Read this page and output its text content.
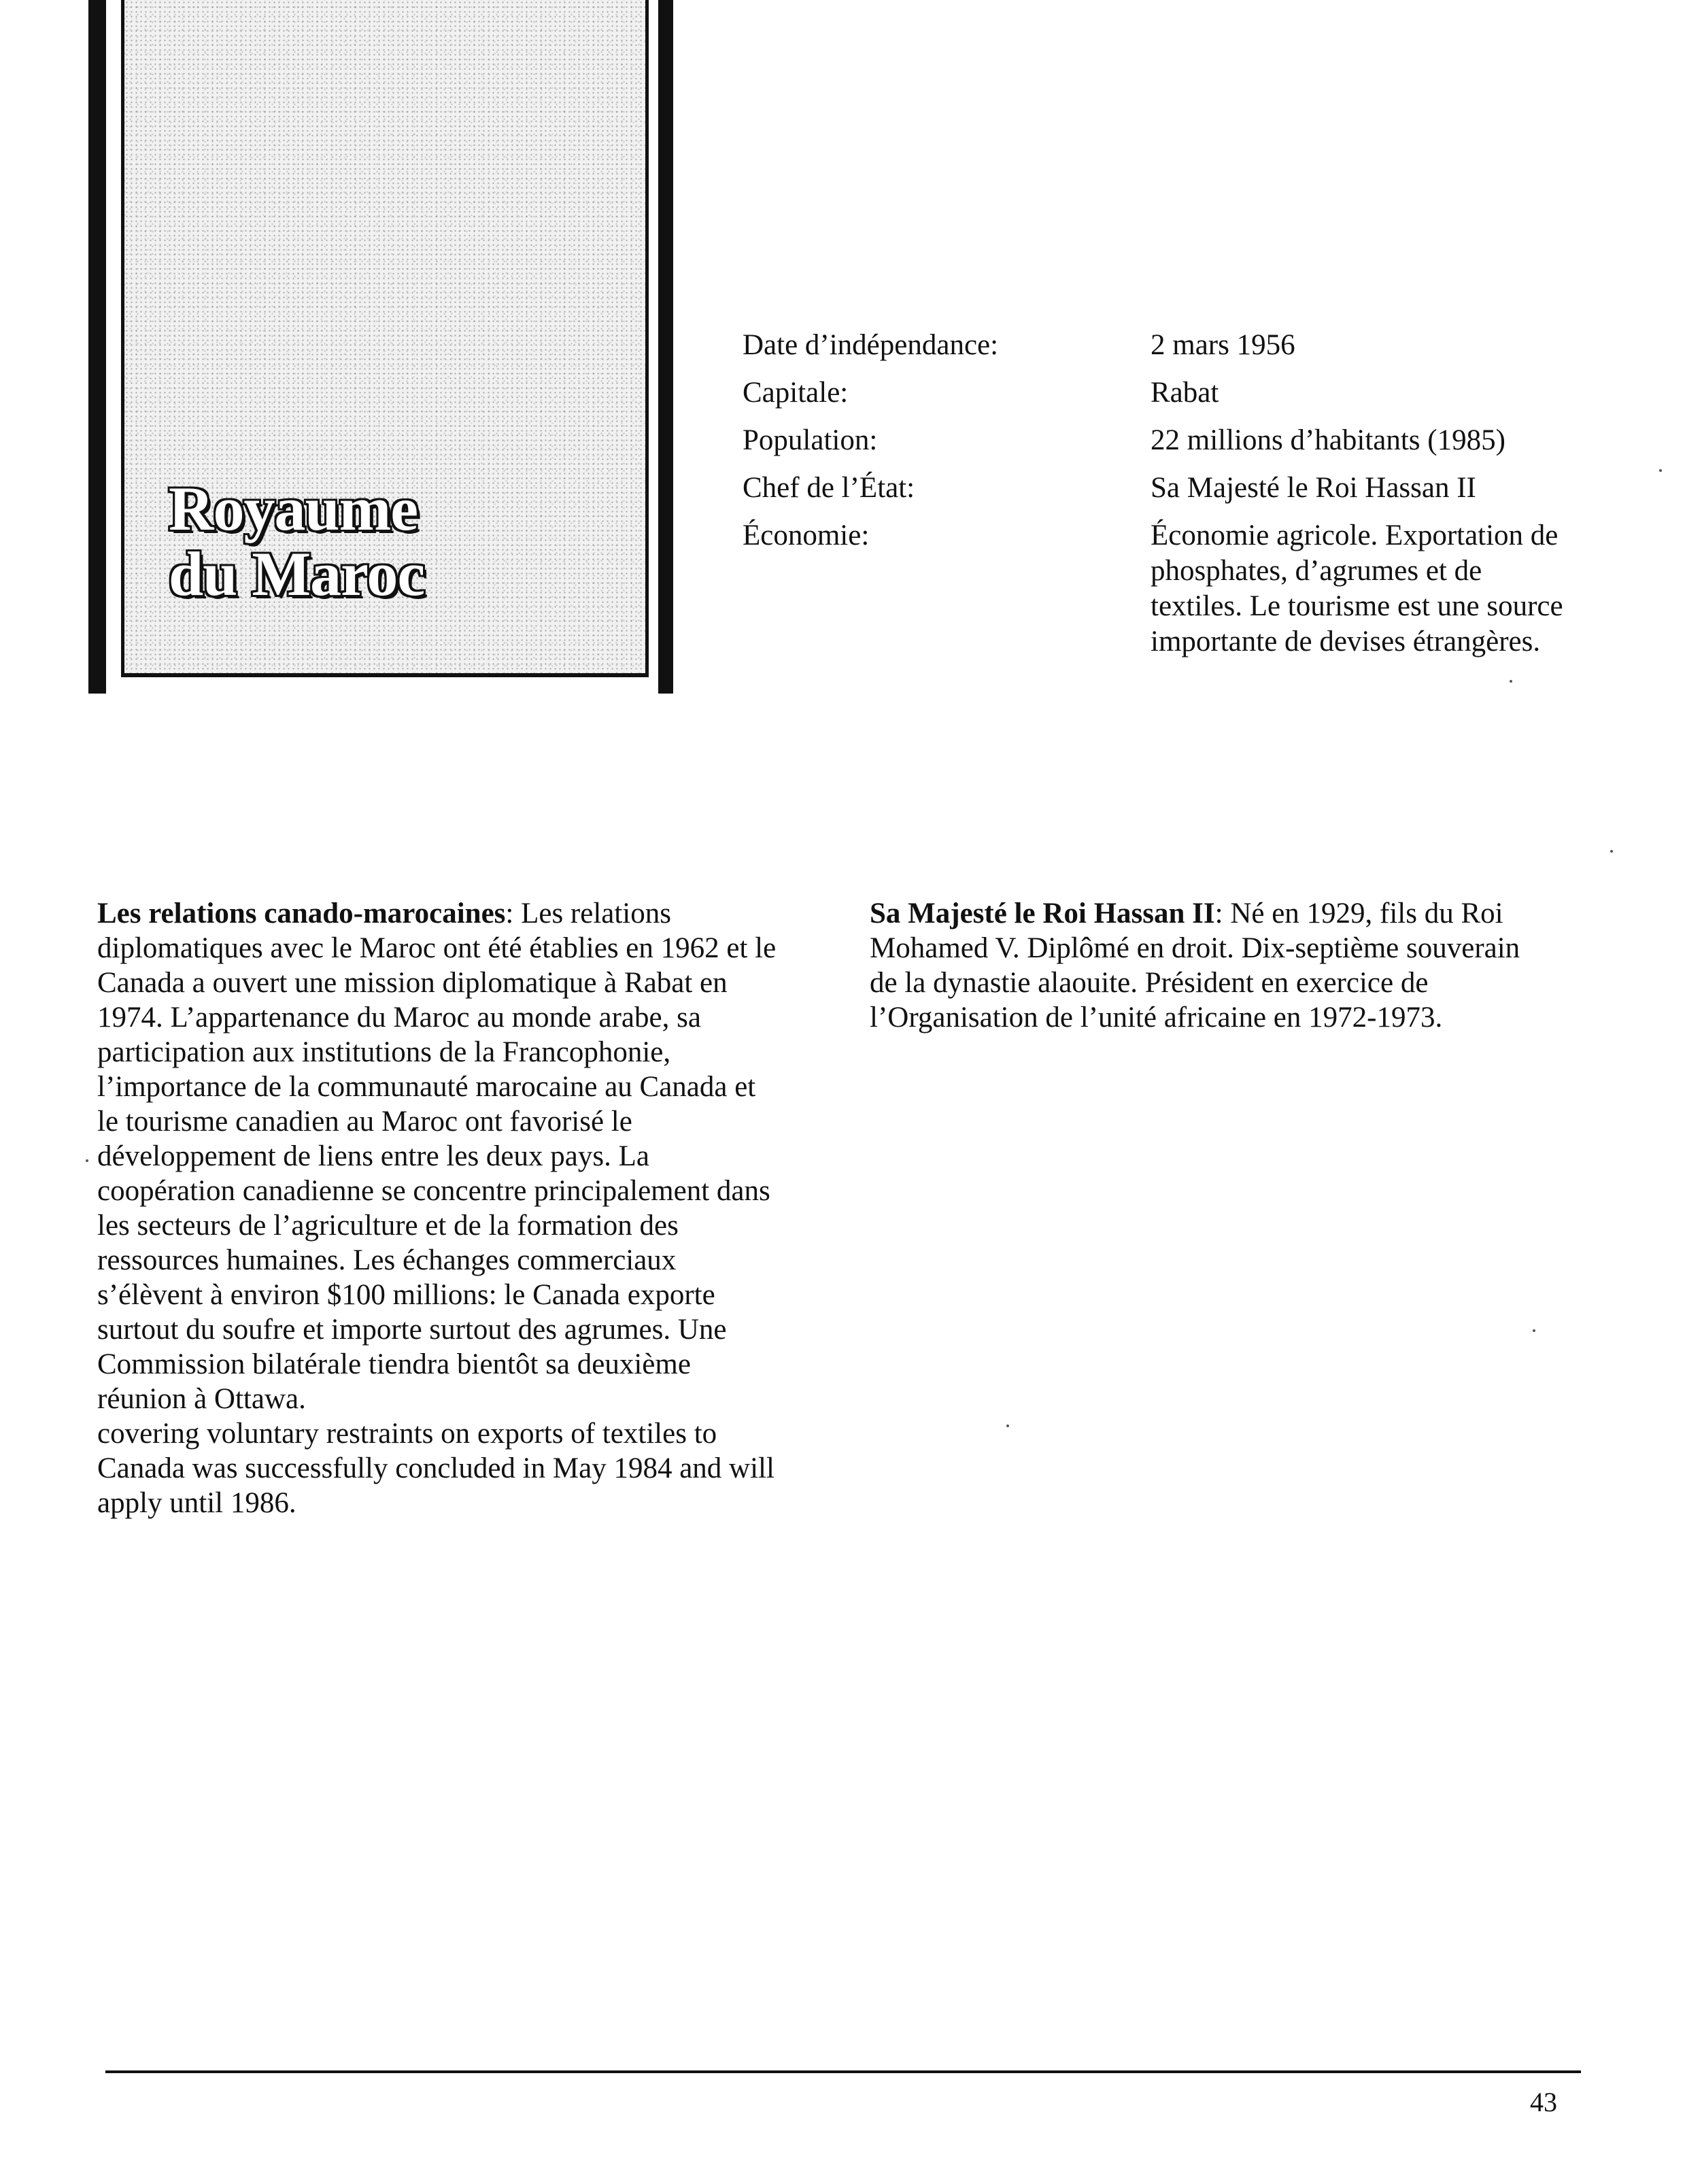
Royaume
du Maroc
Date d’indépendance:	2 mars 1956
Capitale:	Rabat
Population:	22 millions d’habitants (1985)
Chef de l’État:	Sa Majesté le Roi Hassan II
Économie:	Économie agricole. Exportation de phosphates, d’agrumes et de textiles. Le tourisme est une source importante de devises étrangères.

Les relations canado-marocaines: Les relations diplomatiques avec le Maroc ont été établies en 1962 et le Canada a ouvert une mission diplomatique à Rabat en 1974. L’appartenance du Maroc au monde arabe, sa participation aux institutions de la Francophonie, l’importance de la communauté marocaine au Canada et le tourisme canadien au Maroc ont favorisé le développement de liens entre les deux pays. La coopération canadienne se concentre principalement dans les secteurs de l’agriculture et de la formation des ressources humaines. Les échanges commerciaux s’élèvent à environ $100 millions: le Canada exporte surtout du soufre et importe surtout des agrumes. Une Commission bilatérale tiendra bientôt sa deuxième réunion à Ottawa.

covering voluntary restraints on exports of textiles to Canada was successfully concluded in May 1984 and will apply until 1986.

Sa Majesté le Roi Hassan II: Né en 1929, fils du Roi Mohamed V. Diplômé en droit. Dix-septième souverain de la dynastie alaouite. Président en exercice de l’Organisation de l’unité africaine en 1972-1973.

43
